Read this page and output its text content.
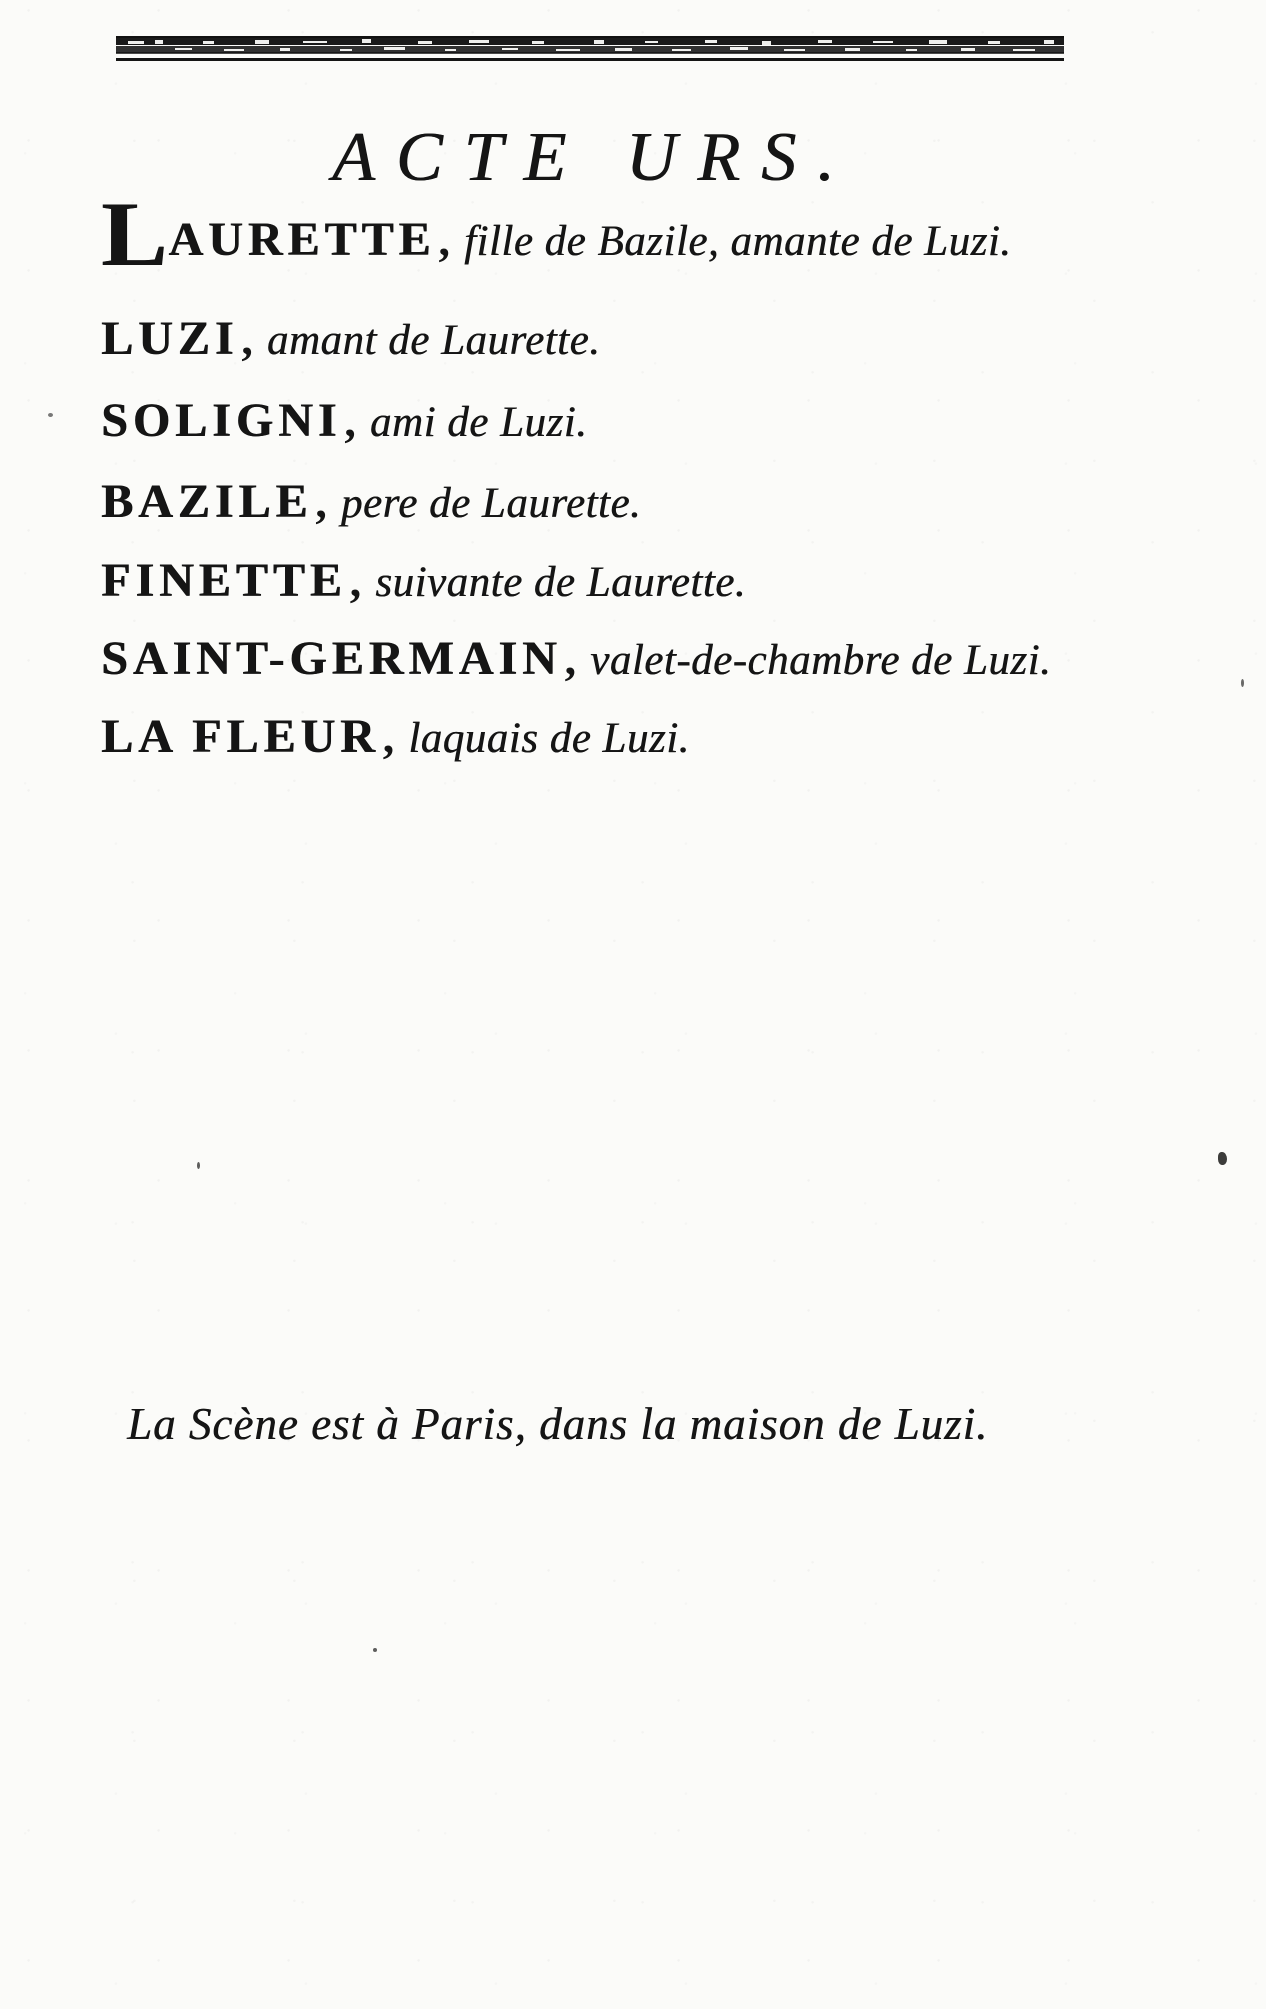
ACTE URS.
LAURETTE, fille de Bazile, amante de Luzi.
LUZI, amant de Laurette.
SOLIGNI, ami de Luzi.
BAZILE, pere de Laurette.
FINETTE, suivante de Laurette.
SAINT-GERMAIN, valet-de-chambre de Luzi.
LA FLEUR, laquais de Luzi.

La Scène est à Paris, dans la maison de Luzi.
